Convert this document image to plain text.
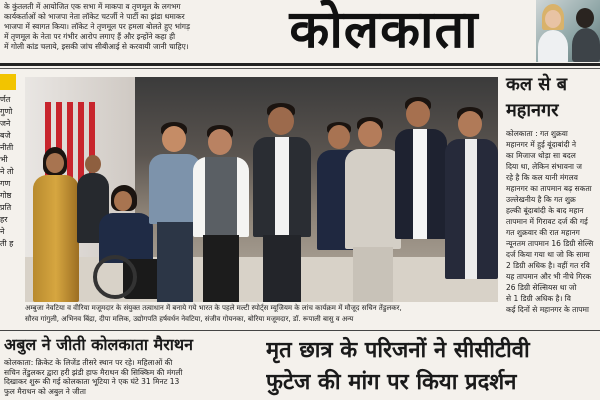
के कुंतलती में आयोजित एक सभा में माकपा व तृणमूल के लगभग
कार्यकर्ताओं को भाजपा नेता लॉकेट चटर्जी ने पार्टी का झंडा थमाकर
भाजपा में स्वागत किया। लॉकेट ने तृणमूल पर हमला बोलते हुए भांगड़
में तृणमूल के नेता पर गंभीर आरोप लगाए हैं और इन्होंने कहा ही
में गोली कांड चलाये, इसकी जांच सीबीआई से करवायी जानी चाहिए।	कोलकाता
र्णत
गुणो
जने
बजे
नीती
भी
ने तो
गण
गोष्ठ
प्रति
हर
ने
ती ह
अम्बुजा नेवटिया व वीरिया मजूमदार के संयुक्त तत्वाधान में बनाये गये भारत के पहले मल्टी स्पोर्ट्स म्यूजियम के लांच कार्यक्रम में मौजूद सचिन तेंडुलकर,
सौरव गांगुली, अभिनव बिंद्रा, दीपा मलिक, उद्योगपति हर्षवर्धन नेवटिया, संजीव गोयनका, बोरिया मजूमदार, डॉ. रूपाली बासु व अन्य
कल से ब
महानगर
कोलकाता : गत शुक्रवा
महानगर में हुई बूंदाबांदी ने
का मिजाज थोड़ा सा बदल
दिया था, लेकिन संभावना ज
रहे है कि कल यानी मंगलव
महानगर का तापमान बढ़ सकता
उल्लेखनीय है कि गत शुक्र
हल्की बूंदाबांदी के बाद महान
तापमान में गिरावट दर्ज की गई
गत शुक्रवार की रात महानग
न्यूनतम तापमान 16 डिग्री सेल्सि
दर्ज किया गया था जो कि सामा
2 डिग्री अधिक है। वहीं गत रवि
यह तापमान और भी नीचे गिरक
26 डिग्री सेल्सियस था जो
से 1 डिग्री अधिक है। वि
कई दिनों से महानगर के तापमा
अबुल ने जीती कोलकाता मैराथन
कोलकाता: क्रिकेट के लिजेंड तीसरे स्थान पर रहे। महिलाओं की
सचिन तेंडुलकर द्वारा हरी झंडी हाफ मैराथन की सिक्किम की मंगली
दिखाकर शुरू की गई कोलकाता भूटिया ने एक घंटे 31 मिनट 13
फुल मैराथन को अबुल ने जीता
मृत छात्र के परिजनों ने सीसीटीवी
फुटेज की मांग पर किया प्रदर्शन
